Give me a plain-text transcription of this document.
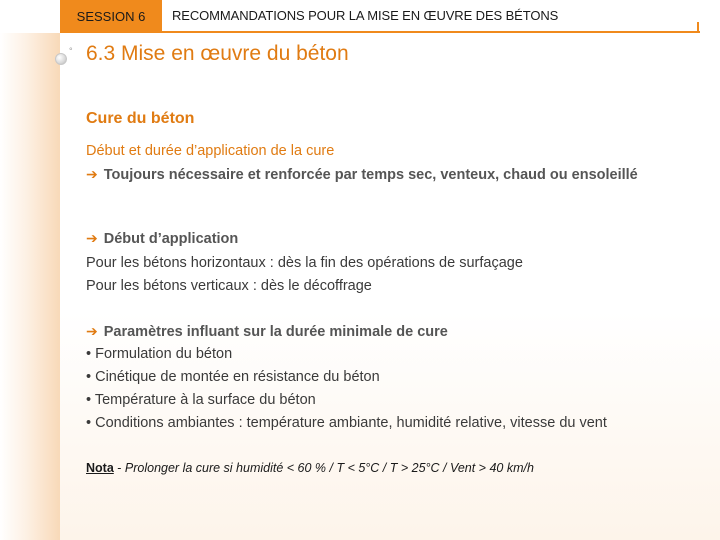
SESSION 6 RECOMMANDATIONS POUR LA MISE EN ŒUVRE DES BÉTONS
° 6.3 Mise en œuvre du béton
Cure du béton
Début et durée d’application de la cure
➔ Toujours nécessaire et renforcée par temps sec, venteux, chaud ou ensoleillé
➔ Début d’application
Pour les bétons horizontaux : dès la fin des opérations de surfaçage
Pour les bétons verticaux : dès le décoffrage
➔ Paramètres influant sur la durée minimale de cure
• Formulation du béton
• Cinétique de montée en résistance du béton
• Température à la surface du béton
• Conditions ambiantes : température ambiante, humidité relative, vitesse du vent
Nota - Prolonger la cure si humidité < 60 % / T < 5°C / T > 25°C / Vent > 40 km/h
